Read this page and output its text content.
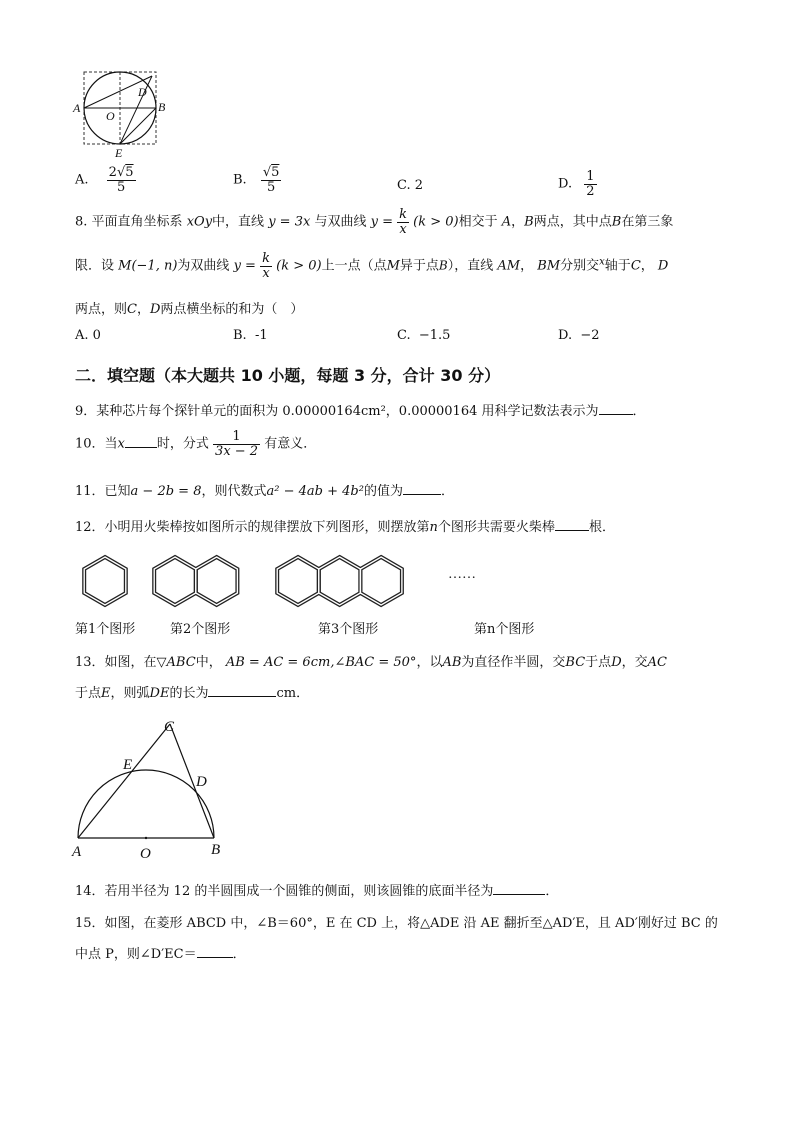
A	B
D
O
E
A. $\frac{2√5}{5}$	B. $\frac{√5}{5}$	C. 2	D. $\frac{1}{2}$
8. 平面直角坐标系 xOy中，直线 y = 3x 与双曲线 $y = \frac{k}{x} (k > 0)$相交于 A，B两点，其中点B在第三象
限．设 M(−1, n)为双曲线 $y = \frac{k}{x} (k > 0)$上一点（点M异于点B），直线 AM， BM分别交$^x$轴于C， D
两点，则C，D两点横坐标的和为（　）
A. 0	B. -1	C. −1.5	D. −2
二．填空题（本大题共 10 小题，每题 3 分，合计 30 分）
9．某种芯片每个探针单元的面积为 0.00000164cm²，0.00000164 用科学记数法表示为	．
10．当x 时，分式 $\frac{1}{3x - 2}$ 有意义．
11．已知a − 2b = 8，则代数式a² − 4ab + 4b²的值为	．
12．小明用火柴棒按如图所示的规律摆放下列图形，则摆放第n个图形共需要火柴棒	根．
……
第1个图形	第2个图形	第3个图形	第n个图形
13．如图，在▽ABC中， AB = AC = 6cm,∠BAC = 50°，以AB为直径作半圆，交BC于点D，交AC
于点E，则弧DE的长为	cm．
C
E
D
A	O	B
14．若用半径为 12 的半圆围成一个圆锥的侧面，则该圆锥的底面半径为	．
15．如图，在菱形 ABCD 中，∠B＝60°，E 在 CD 上，将△ADE 沿 AE 翻折至△AD′E，且 AD′刚好过 BC 的
中点 P，则∠D′EC＝	．
